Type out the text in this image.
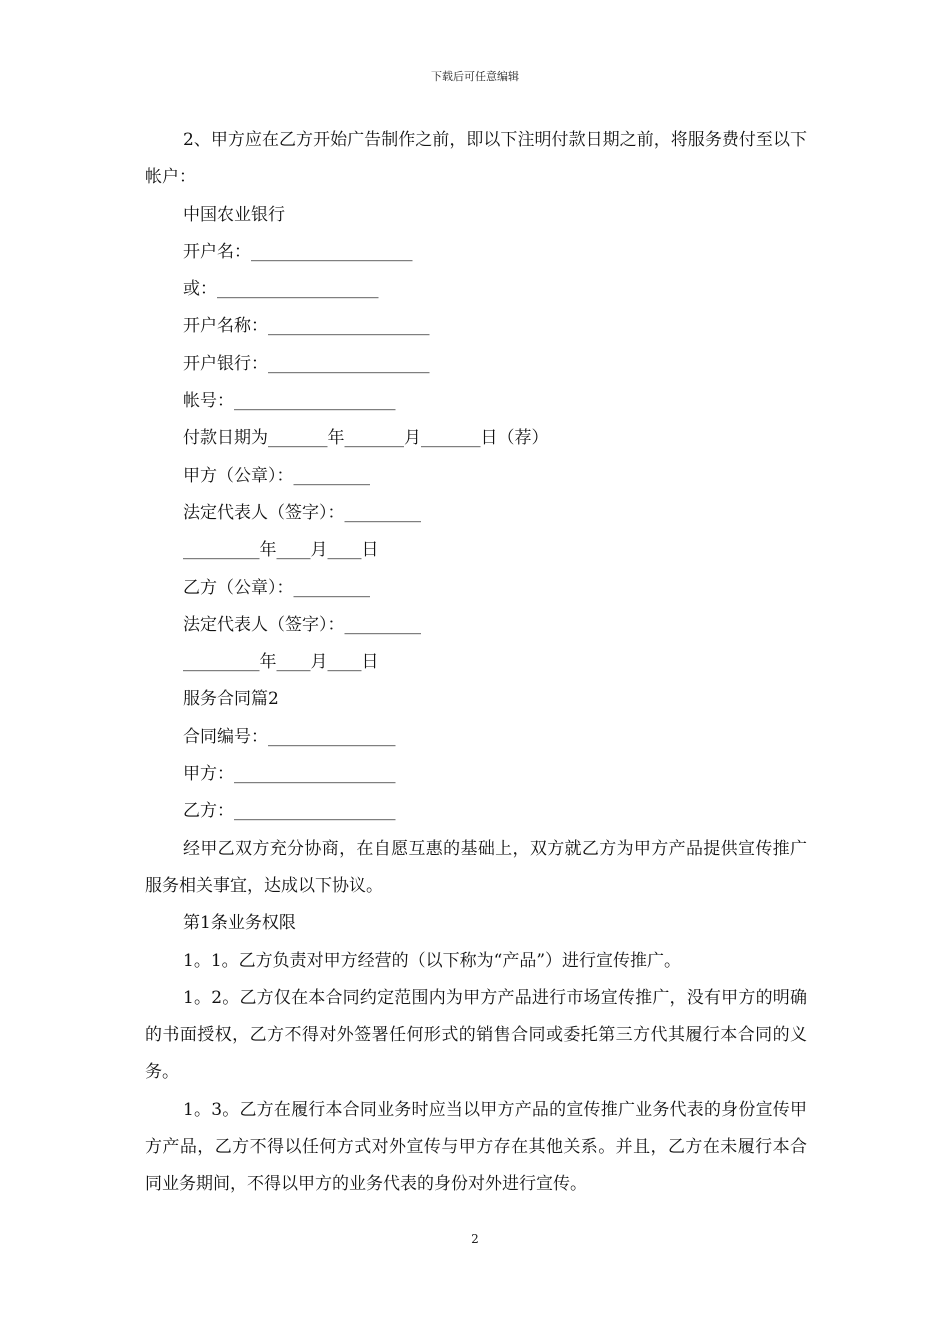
下载后可任意编辑

2、甲方应在乙方开始广告制作之前，即以下注明付款日期之前，将服务费付至以下帐户：

中国农业银行

开户名：___________________

或：___________________

开户名称：___________________

开户银行：___________________

帐号：___________________

付款日期为_______年_______月_______日（荐）

甲方（公章）：_________

法定代表人（签字）：_________

_________年____月____日

乙方（公章）：_________

法定代表人（签字）：_________

_________年____月____日

服务合同篇2

合同编号：_______________

甲方：___________________

乙方：___________________

经甲乙双方充分协商，在自愿互惠的基础上，双方就乙方为甲方产品提供宣传推广服务相关事宜，达成以下协议。

第1条业务权限

1。1。乙方负责对甲方经营的（以下称为“产品”）进行宣传推广。

1。2。乙方仅在本合同约定范围内为甲方产品进行市场宣传推广，没有甲方的明确的书面授权，乙方不得对外签署任何形式的销售合同或委托第三方代其履行本合同的义务。

1。3。乙方在履行本合同业务时应当以甲方产品的宣传推广业务代表的身份宣传甲方产品，乙方不得以任何方式对外宣传与甲方存在其他关系。并且，乙方在未履行本合同业务期间，不得以甲方的业务代表的身份对外进行宣传。

2
